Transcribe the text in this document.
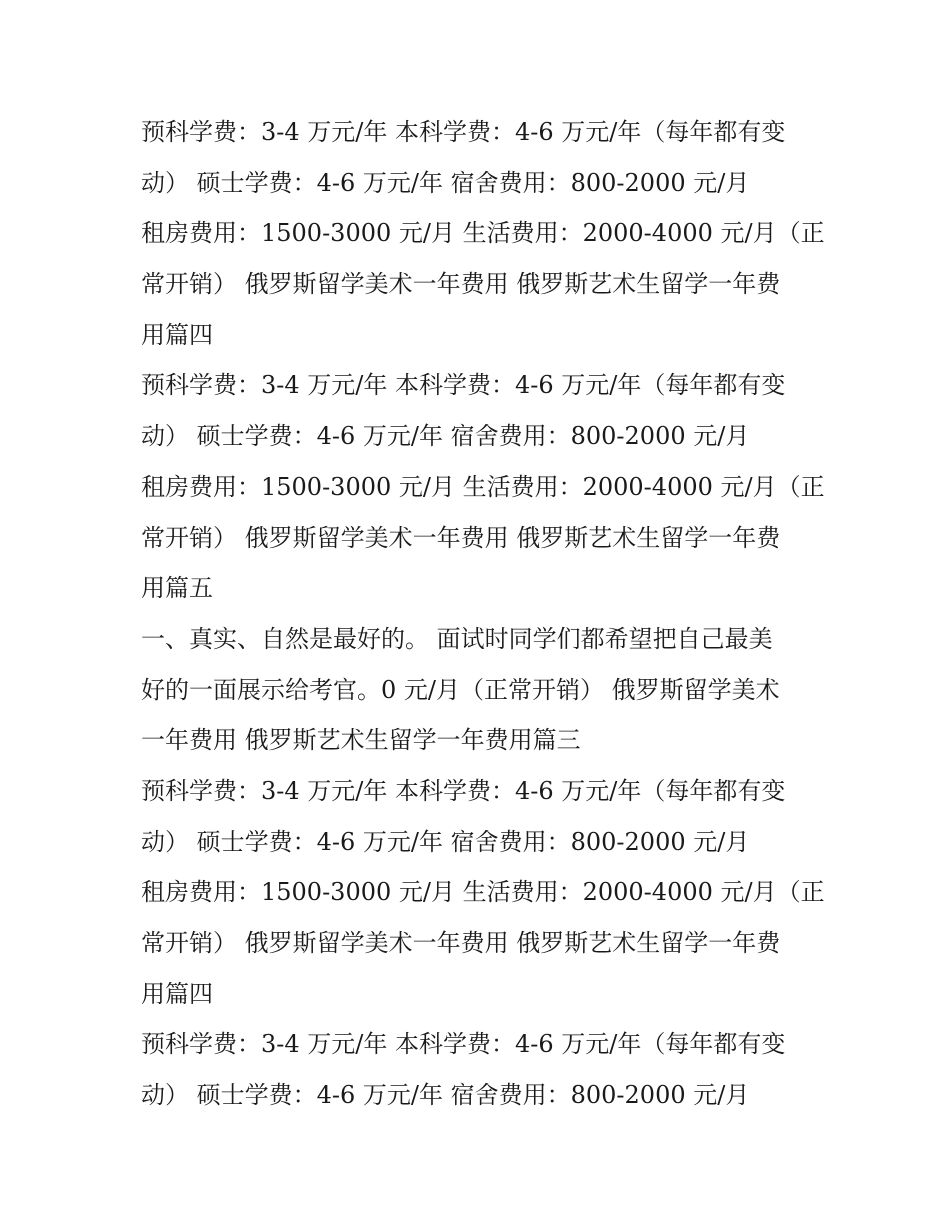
预科学费：3-4 万元/年 本科学费：4-6 万元/年（每年都有变
动） 硕士学费：4-6 万元/年 宿舍费用：800-2000 元/月
租房费用：1500-3000 元/月 生活费用：2000-4000 元/月（正
常开销） 俄罗斯留学美术一年费用 俄罗斯艺术生留学一年费
用篇四
预科学费：3-4 万元/年 本科学费：4-6 万元/年（每年都有变
动） 硕士学费：4-6 万元/年 宿舍费用：800-2000 元/月
租房费用：1500-3000 元/月 生活费用：2000-4000 元/月（正
常开销） 俄罗斯留学美术一年费用 俄罗斯艺术生留学一年费
用篇五
一、真实、自然是最好的。 面试时同学们都希望把自己最美
好的一面展示给考官。0 元/月（正常开销） 俄罗斯留学美术
一年费用 俄罗斯艺术生留学一年费用篇三
预科学费：3-4 万元/年 本科学费：4-6 万元/年（每年都有变
动） 硕士学费：4-6 万元/年 宿舍费用：800-2000 元/月
租房费用：1500-3000 元/月 生活费用：2000-4000 元/月（正
常开销） 俄罗斯留学美术一年费用 俄罗斯艺术生留学一年费
用篇四
预科学费：3-4 万元/年 本科学费：4-6 万元/年（每年都有变
动） 硕士学费：4-6 万元/年 宿舍费用：800-2000 元/月
